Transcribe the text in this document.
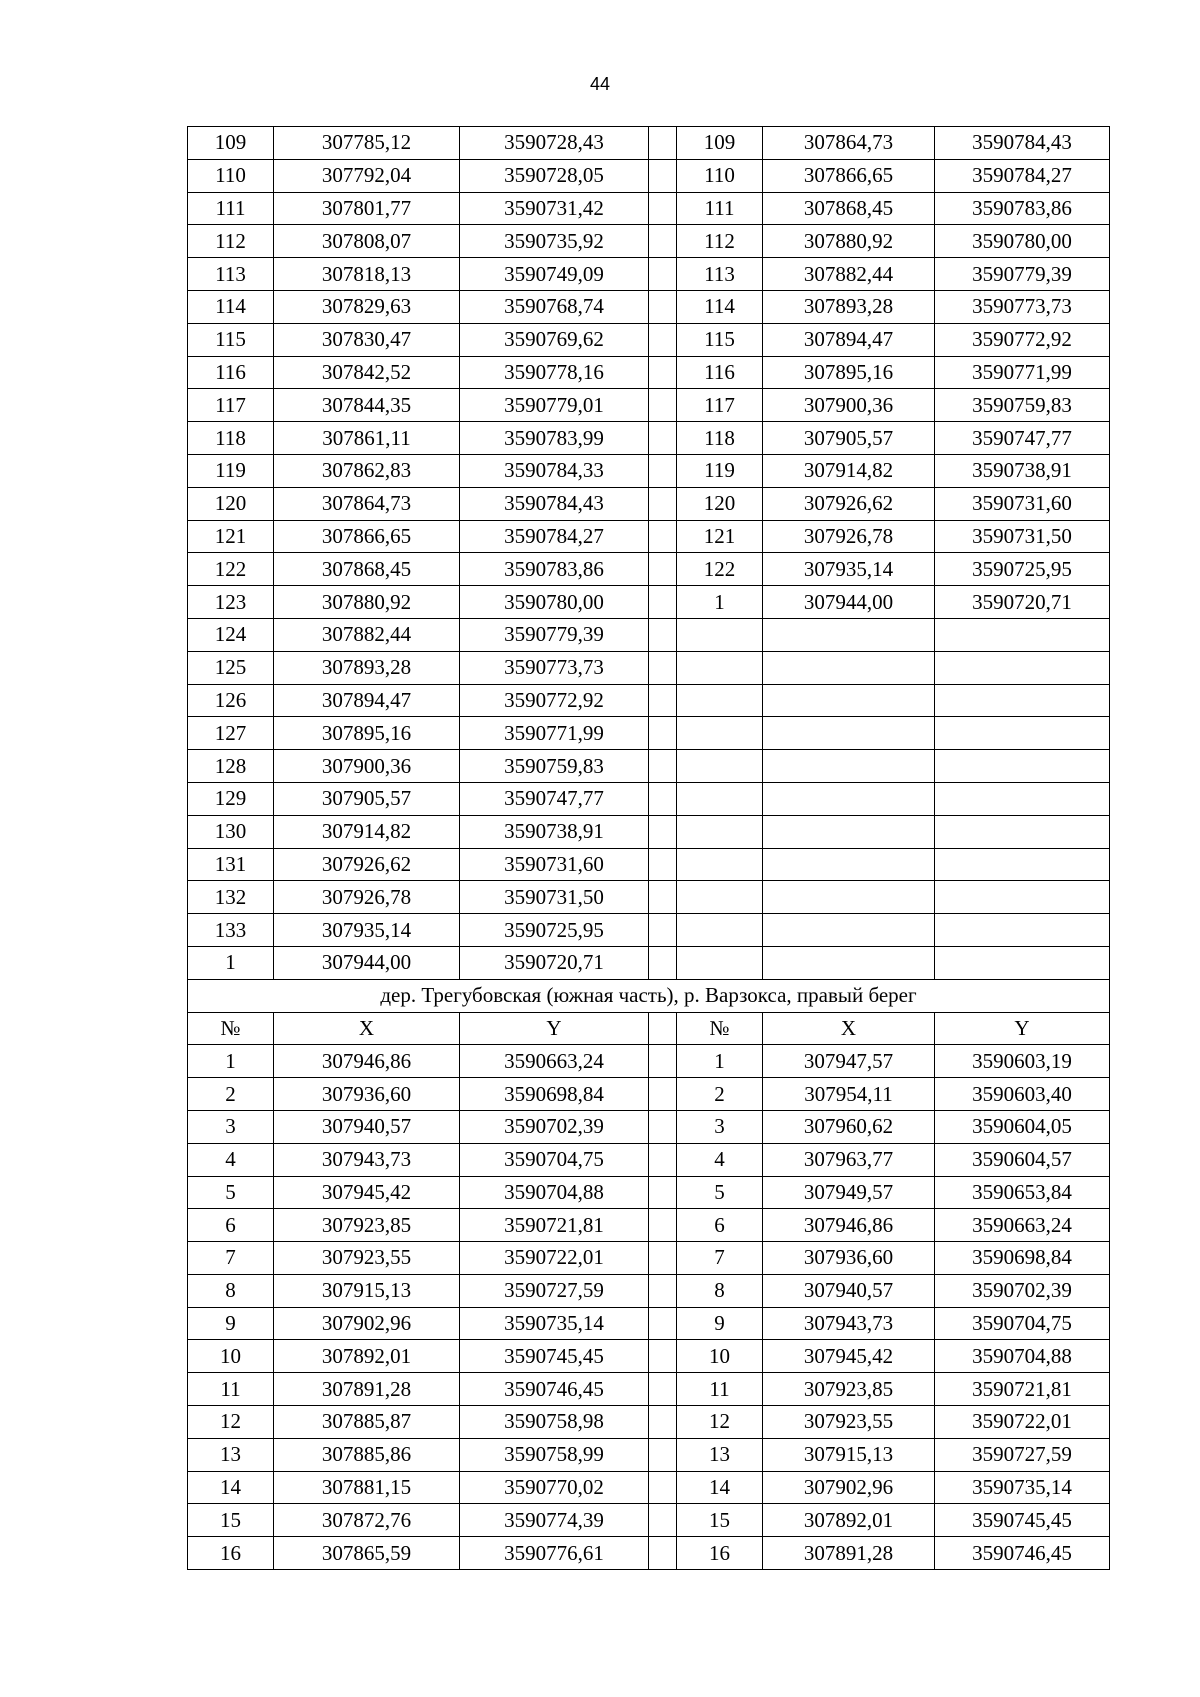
44
109	307785,12	3590728,43		109	307864,73	3590784,43
110	307792,04	3590728,05		110	307866,65	3590784,27
111	307801,77	3590731,42		111	307868,45	3590783,86
112	307808,07	3590735,92		112	307880,92	3590780,00
113	307818,13	3590749,09		113	307882,44	3590779,39
114	307829,63	3590768,74		114	307893,28	3590773,73
115	307830,47	3590769,62		115	307894,47	3590772,92
116	307842,52	3590778,16		116	307895,16	3590771,99
117	307844,35	3590779,01		117	307900,36	3590759,83
118	307861,11	3590783,99		118	307905,57	3590747,77
119	307862,83	3590784,33		119	307914,82	3590738,91
120	307864,73	3590784,43		120	307926,62	3590731,60
121	307866,65	3590784,27		121	307926,78	3590731,50
122	307868,45	3590783,86		122	307935,14	3590725,95
123	307880,92	3590780,00		1	307944,00	3590720,71
124	307882,44	3590779,39				
125	307893,28	3590773,73				
126	307894,47	3590772,92				
127	307895,16	3590771,99				
128	307900,36	3590759,83				
129	307905,57	3590747,77				
130	307914,82	3590738,91				
131	307926,62	3590731,60				
132	307926,78	3590731,50				
133	307935,14	3590725,95				
1	307944,00	3590720,71				
дер. Трегубовская (южная часть), р. Варзокса, правый берег						
№	X	Y		№	X	Y
1	307946,86	3590663,24		1	307947,57	3590603,19
2	307936,60	3590698,84		2	307954,11	3590603,40
3	307940,57	3590702,39		3	307960,62	3590604,05
4	307943,73	3590704,75		4	307963,77	3590604,57
5	307945,42	3590704,88		5	307949,57	3590653,84
6	307923,85	3590721,81		6	307946,86	3590663,24
7	307923,55	3590722,01		7	307936,60	3590698,84
8	307915,13	3590727,59		8	307940,57	3590702,39
9	307902,96	3590735,14		9	307943,73	3590704,75
10	307892,01	3590745,45		10	307945,42	3590704,88
11	307891,28	3590746,45		11	307923,85	3590721,81
12	307885,87	3590758,98		12	307923,55	3590722,01
13	307885,86	3590758,99		13	307915,13	3590727,59
14	307881,15	3590770,02		14	307902,96	3590735,14
15	307872,76	3590774,39		15	307892,01	3590745,45
16	307865,59	3590776,61		16	307891,28	3590746,45
